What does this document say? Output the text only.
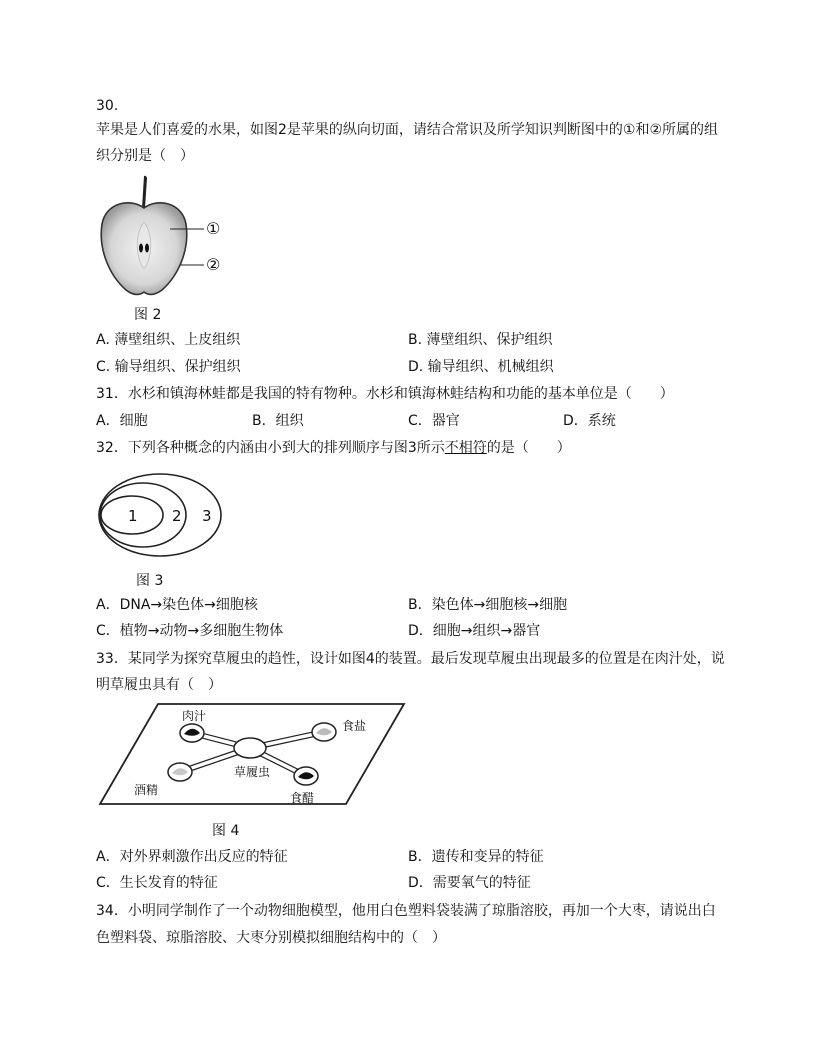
30.
苹果是人们喜爱的水果，如图2是苹果的纵向切面，请结合常识及所学知识判断图中的①和②所属的组
织分别是（　）
①
②
图 2
A. 薄壁组织、上皮组织	B. 薄壁组织、保护组织
C. 输导组织、保护组织	D. 输导组织、机械组织
31．水杉和镇海林蛙都是我国的特有物种。水杉和镇海林蛙结构和功能的基本单位是（　　）
A．细胞	B．组织	C．器官	D．系统
32．下列各种概念的内涵由小到大的排列顺序与图3所示不相符的是（　　）
1 2 3
图 3
A．DNA→染色体→细胞核	B．染色体→细胞核→细胞
C．植物→动物→多细胞生物体	D．细胞→组织→器官
33．某同学为探究草履虫的趋性，设计如图4的装置。最后发现草履虫出现最多的位置是在肉汁处，说
明草履虫具有（　）
肉汁
食盐
酒精
食醋
草履虫
图 4
A．对外界刺激作出反应的特征	B．遗传和变异的特征
C．生长发育的特征	D．需要氧气的特征
34．小明同学制作了一个动物细胞模型，他用白色塑料袋装满了琼脂溶胶，再加一个大枣，请说出白
色塑料袋、琼脂溶胶、大枣分别模拟细胞结构中的（　）
